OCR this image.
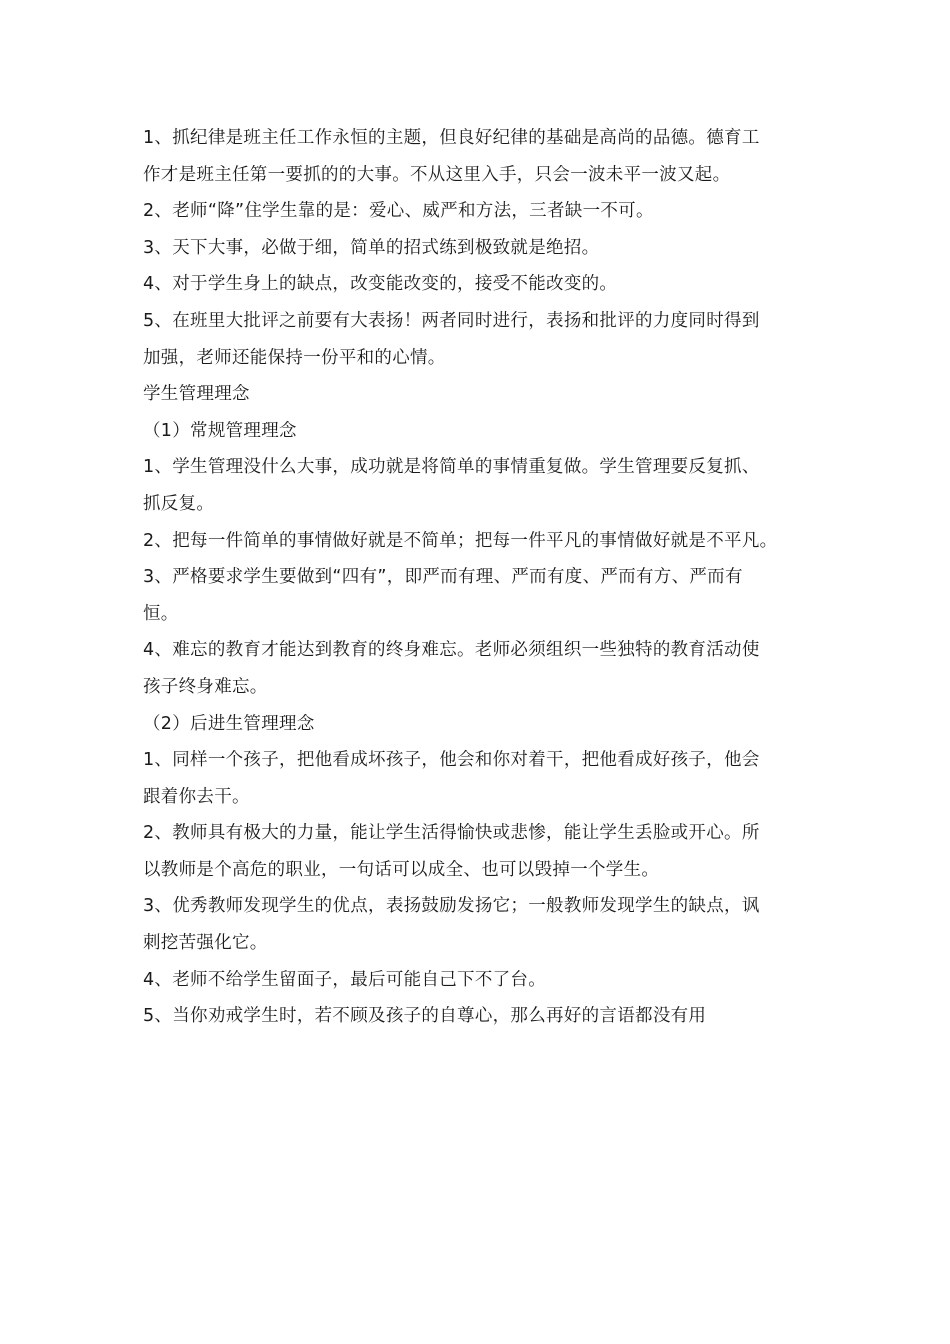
1、抓纪律是班主任工作永恒的主题，但良好纪律的基础是高尚的品德。德育工
作才是班主任第一要抓的的大事。不从这里入手，只会一波未平一波又起。

2、老师“降”住学生靠的是：爱心、威严和方法，三者缺一不可。

3、天下大事，必做于细，简单的招式练到极致就是绝招。

4、对于学生身上的缺点，改变能改变的，接受不能改变的。

5、在班里大批评之前要有大表扬！两者同时进行，表扬和批评的力度同时得到
加强，老师还能保持一份平和的心情。

学生管理理念

（1）常规管理理念

1、学生管理没什么大事，成功就是将简单的事情重复做。学生管理要反复抓、
抓反复。

2、把每一件简单的事情做好就是不简单；把每一件平凡的事情做好就是不平凡。

3、严格要求学生要做到“四有”，即严而有理、严而有度、严而有方、严而有
恒。

4、难忘的教育才能达到教育的终身难忘。老师必须组织一些独特的教育活动使
孩子终身难忘。

（2）后进生管理理念

1、同样一个孩子，把他看成坏孩子，他会和你对着干，把他看成好孩子，他会
跟着你去干。

2、教师具有极大的力量，能让学生活得愉快或悲惨，能让学生丢脸或开心。所
以教师是个高危的职业，一句话可以成全、也可以毁掉一个学生。

3、优秀教师发现学生的优点，表扬鼓励发扬它；一般教师发现学生的缺点，讽
刺挖苦强化它。

4、老师不给学生留面子，最后可能自己下不了台。

5、当你劝戒学生时，若不顾及孩子的自尊心，那么再好的言语都没有用
